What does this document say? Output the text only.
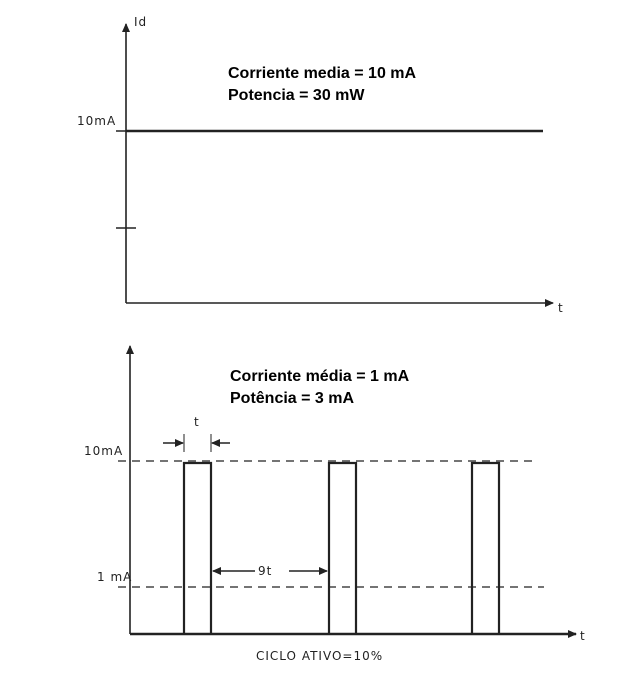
Id
t
10mA
Corriente media = 10 mA
Potencia = 30 mW
t
10mA
1 mA
t
9t
Corriente média = 1 mA
Potência = 3 mA
CICLO ATIVO=10%
